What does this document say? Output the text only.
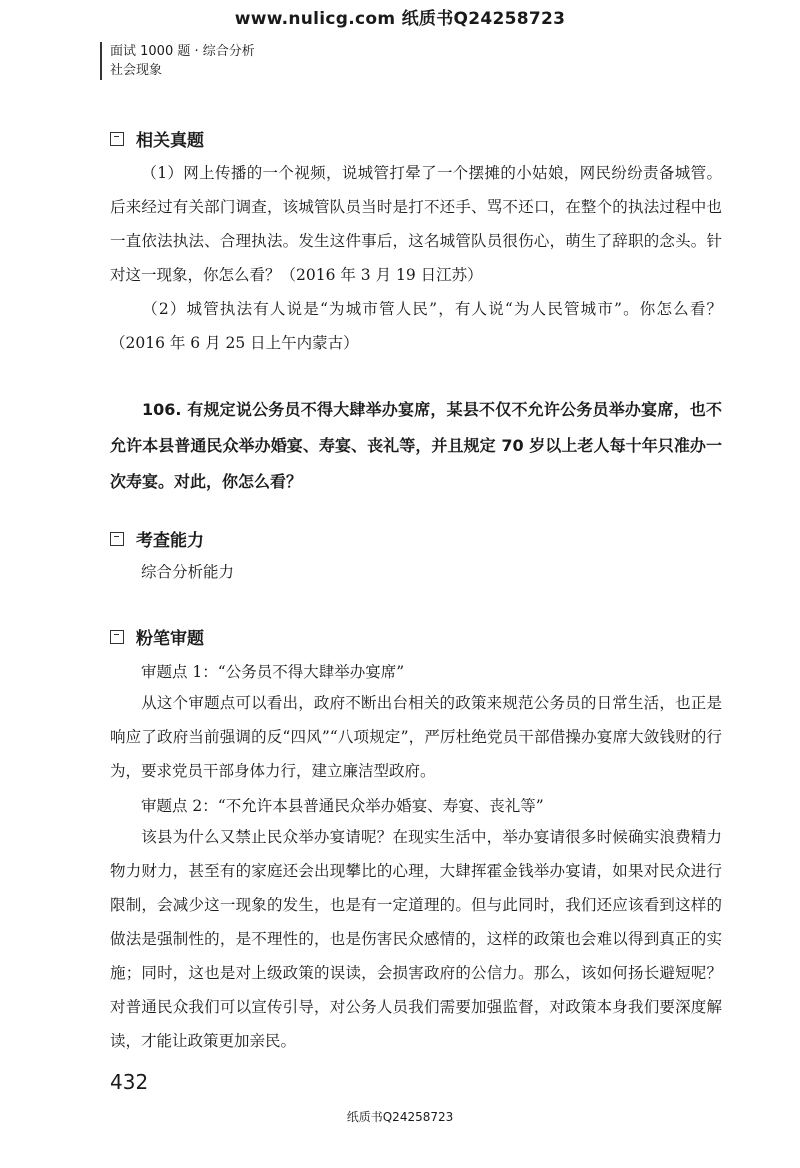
www.nulicg.com 纸质书Q24258723
面试 1000 题 · 综合分析
社会现象
相关真题

（1）网上传播的一个视频，说城管打晕了一个摆摊的小姑娘，网民纷纷责备城管。后来经过有关部门调查，该城管队员当时是打不还手、骂不还口，在整个的执法过程中也一直依法执法、合理执法。发生这件事后，这名城管队员很伤心，萌生了辞职的念头。针对这一现象，你怎么看？（2016 年 3 月 19 日江苏）

（2）城管执法有人说是“为城市管人民”，有人说“为人民管城市”。你怎么看？（2016 年 6 月 25 日上午内蒙古）

106. 有规定说公务员不得大肆举办宴席，某县不仅不允许公务员举办宴席，也不允许本县普通民众举办婚宴、寿宴、丧礼等，并且规定 70 岁以上老人每十年只准办一次寿宴。对此，你怎么看？

考查能力
综合分析能力
粉笔审题
审题点 1：“公务员不得大肆举办宴席”

从这个审题点可以看出，政府不断出台相关的政策来规范公务员的日常生活，也正是响应了政府当前强调的反“四风”“八项规定”，严厉杜绝党员干部借操办宴席大敛钱财的行为，要求党员干部身体力行，建立廉洁型政府。

审题点 2：“不允许本县普通民众举办婚宴、寿宴、丧礼等”

该县为什么又禁止民众举办宴请呢？在现实生活中，举办宴请很多时候确实浪费精力物力财力，甚至有的家庭还会出现攀比的心理，大肆挥霍金钱举办宴请，如果对民众进行限制，会减少这一现象的发生，也是有一定道理的。但与此同时，我们还应该看到这样的做法是强制性的，是不理性的，也是伤害民众感情的，这样的政策也会难以得到真正的实施；同时，这也是对上级政策的误读，会损害政府的公信力。那么，该如何扬长避短呢？对普通民众我们可以宣传引导，对公务人员我们需要加强监督，对政策本身我们要深度解读，才能让政策更加亲民。

432
纸质书Q24258723
